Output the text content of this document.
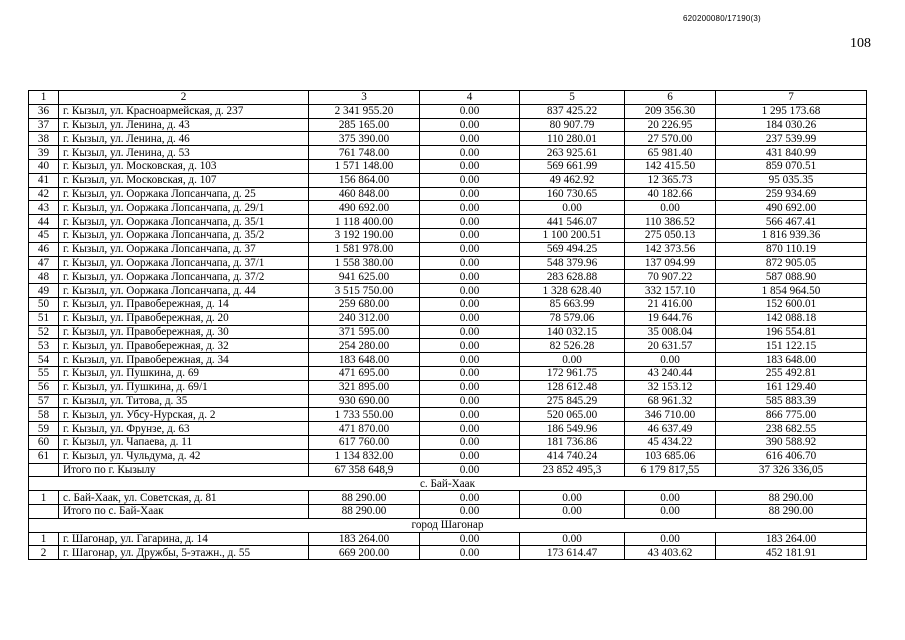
620200080/17190(3)
108
1	2	3	4	5	6	7
36	г. Кызыл, ул. Красноармейская, д. 237	2 341 955.20	0.00	837 425.22	209 356.30	1 295 173.68
37	г. Кызыл, ул. Ленина, д. 43	285 165.00	0.00	80 907.79	20 226.95	184 030.26
38	г. Кызыл, ул. Ленина, д. 46	375 390.00	0.00	110 280.01	27 570.00	237 539.99
39	г. Кызыл, ул. Ленина, д. 53	761 748.00	0.00	263 925.61	65 981.40	431 840.99
40	г. Кызыл, ул. Московская, д. 103	1 571 148.00	0.00	569 661.99	142 415.50	859 070.51
41	г. Кызыл, ул. Московская, д. 107	156 864.00	0.00	49 462.92	12 365.73	95 035.35
42	г. Кызыл, ул. Ооржака Лопсанчапа, д. 25	460 848.00	0.00	160 730.65	40 182.66	259 934.69
43	г. Кызыл, ул. Ооржака Лопсанчапа, д. 29/1	490 692.00	0.00	0.00	0.00	490 692.00
44	г. Кызыл, ул. Ооржака Лопсанчапа, д. 35/1	1 118 400.00	0.00	441 546.07	110 386.52	566 467.41
45	г. Кызыл, ул. Ооржака Лопсанчапа, д. 35/2	3 192 190.00	0.00	1 100 200.51	275 050.13	1 816 939.36
46	г. Кызыл, ул. Ооржака Лопсанчапа, д. 37	1 581 978.00	0.00	569 494.25	142 373.56	870 110.19
47	г. Кызыл, ул. Ооржака Лопсанчапа, д. 37/1	1 558 380.00	0.00	548 379.96	137 094.99	872 905.05
48	г. Кызыл, ул. Ооржака Лопсанчапа, д. 37/2	941 625.00	0.00	283 628.88	70 907.22	587 088.90
49	г. Кызыл, ул. Ооржака Лопсанчапа, д. 44	3 515 750.00	0.00	1 328 628.40	332 157.10	1 854 964.50
50	г. Кызыл, ул. Правобережная, д. 14	259 680.00	0.00	85 663.99	21 416.00	152 600.01
51	г. Кызыл, ул. Правобережная, д. 20	240 312.00	0.00	78 579.06	19 644.76	142 088.18
52	г. Кызыл, ул. Правобережная, д. 30	371 595.00	0.00	140 032.15	35 008.04	196 554.81
53	г. Кызыл, ул. Правобережная, д. 32	254 280.00	0.00	82 526.28	20 631.57	151 122.15
54	г. Кызыл, ул. Правобережная, д. 34	183 648.00	0.00	0.00	0.00	183 648.00
55	г. Кызыл, ул. Пушкина, д. 69	471 695.00	0.00	172 961.75	43 240.44	255 492.81
56	г. Кызыл, ул. Пушкина, д. 69/1	321 895.00	0.00	128 612.48	32 153.12	161 129.40
57	г. Кызыл, ул. Титова, д. 35	930 690.00	0.00	275 845.29	68 961.32	585 883.39
58	г. Кызыл, ул. Убсу-Нурская, д. 2	1 733 550.00	0.00	520 065.00	346 710.00	866 775.00
59	г. Кызыл, ул. Фрунзе, д. 63	471 870.00	0.00	186 549.96	46 637.49	238 682.55
60	г. Кызыл, ул. Чапаева, д. 11	617 760.00	0.00	181 736.86	45 434.22	390 588.92
61	г. Кызыл, ул. Чульдума, д. 42	1 134 832.00	0.00	414 740.24	103 685.06	616 406.70
	Итого по г. Кызылу	67 358 648,9	0.00	23 852 495,3	6 179 817,55	37 326 336,05
с. Бай-Хаак						
1	с. Бай-Хаак, ул. Советская, д. 81	88 290.00	0.00	0.00	0.00	88 290.00
	Итого по с. Бай-Хаак	88 290.00	0.00	0.00	0.00	88 290.00
город Шагонар						
1	г. Шагонар, ул. Гагарина, д. 14	183 264.00	0.00	0.00	0.00	183 264.00
2	г. Шагонар, ул. Дружбы, 5-этажн., д. 55	669 200.00	0.00	173 614.47	43 403.62	452 181.91
